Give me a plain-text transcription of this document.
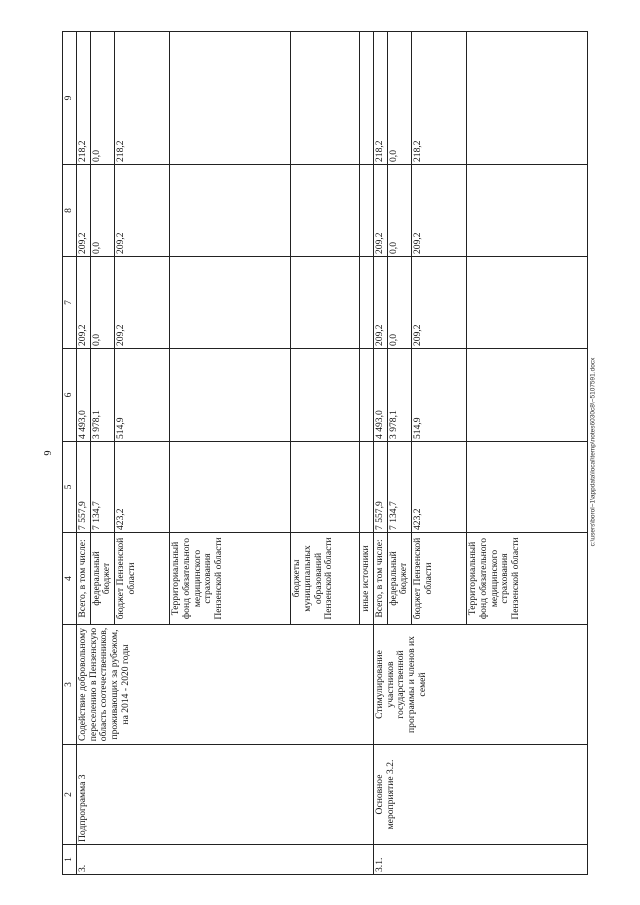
6
1	2	3	4	5	6	7	8	9
3.	Подпрограмма 3	Содействие добровольному переселению в Пензенскую область соотечественников, проживающих за рубежом, на 2014 - 2020 годы	Всего, в том числе:	7 557,9	4 493,0	209,2	209,2	218,2
			федеральный бюджет	7 134,7	3 978,1	0,0	0,0	0,0
			бюджет Пензенской области	423,2	514,9	209,2	209,2	218,2
			Территориальный фонд обязательного медицинского страхования Пензенской области					
			бюджеты муниципальных образований Пензенской области					
			иные источники					
3.1.	Основное мероприятие 3.2.	Стимулирование участников государственной программы и членов их семей	Всего, в том числе:	7 557,9	4 493,0	209,2	209,2	218,2
			федеральный бюджет	7 134,7	3 978,1	0,0	0,0	0,0
			бюджет Пензенской области	423,2	514,9	209,2	209,2	218,2
			Территориальный фонд обязательного медицинского страхования Пензенской области					
c:\users\borol~1\appdata\local\temp\notes6030c8\~5107591.docx
